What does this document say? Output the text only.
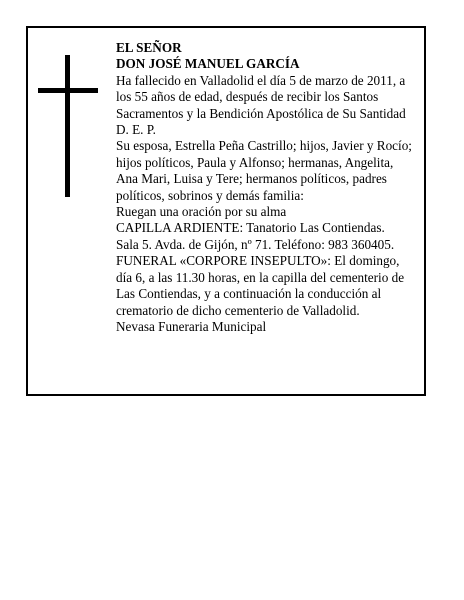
EL SEÑOR
DON JOSÉ MANUEL GARCÍA
Ha fallecido en Valladolid el día 5 de marzo de 2011, a
los 55 años de edad, después de recibir los Santos
Sacramentos y la Bendición Apostólica de Su Santidad
D. E. P.
Su esposa, Estrella Peña Castrillo; hijos, Javier y Rocío;
hijos políticos, Paula y Alfonso; hermanas, Angelita,
Ana Mari, Luisa y Tere; hermanos políticos, padres
políticos, sobrinos y demás familia:
Ruegan una oración por su alma
CAPILLA ARDIENTE: Tanatorio Las Contiendas.
Sala 5. Avda. de Gijón, nº 71. Teléfono: 983 360405.
FUNERAL «CORPORE INSEPULTO»: El domingo,
día 6, a las 11.30 horas, en la capilla del cementerio de
Las Contiendas, y a continuación la conducción al
crematorio de dicho cementerio de Valladolid.
Nevasa Funeraria Municipal
